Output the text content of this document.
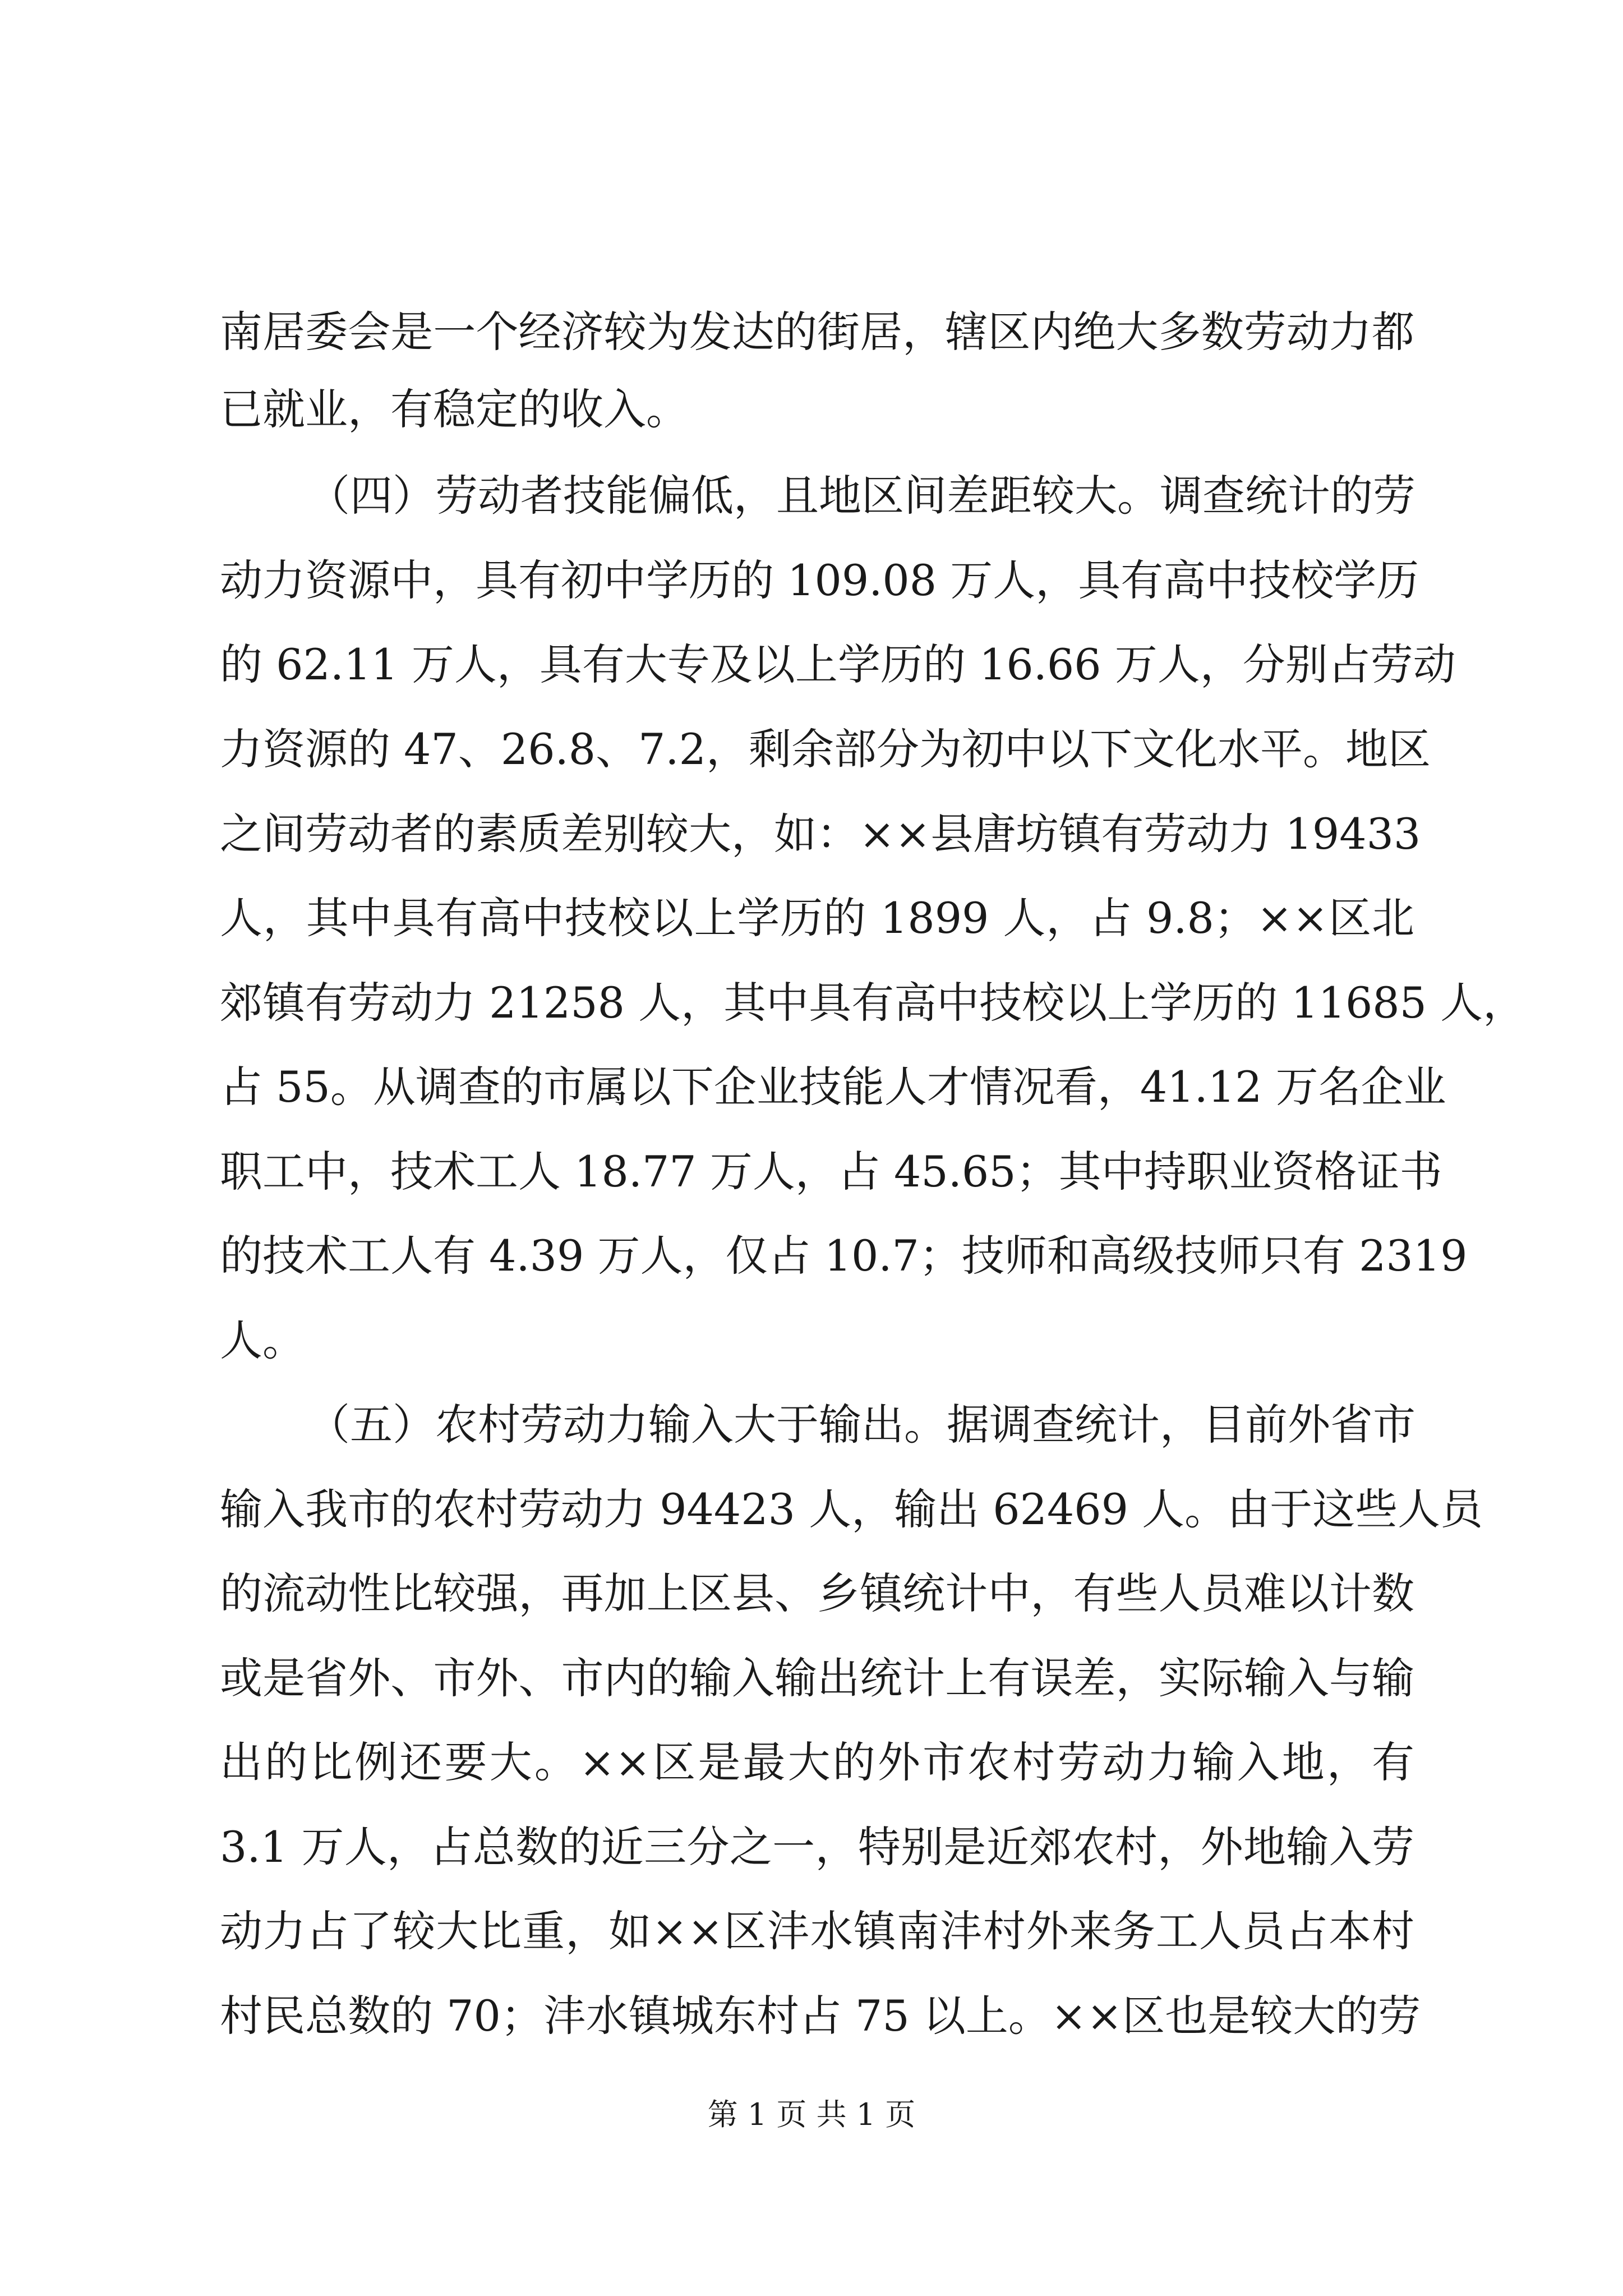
南居委会是一个经济较为发达的街居，辖区内绝大多数劳动力都
已就业，有稳定的收入。
（四）劳动者技能偏低，且地区间差距较大。调查统计的劳
动力资源中，具有初中学历的 109.08 万人，具有高中技校学历
的 62.11 万人，具有大专及以上学历的 16.66 万人，分别占劳动
力资源的 47、26.8、7.2，剩余部分为初中以下文化水平。地区
之间劳动者的素质差别较大，如：××县唐坊镇有劳动力 19433
人，其中具有高中技校以上学历的 1899 人，占 9.8；××区北
郊镇有劳动力 21258 人，其中具有高中技校以上学历的 11685 人，
占 55。从调查的市属以下企业技能人才情况看，41.12 万名企业
职工中，技术工人 18.77 万人，占 45.65；其中持职业资格证书
的技术工人有 4.39 万人，仅占 10.7；技师和高级技师只有 2319
人。
（五）农村劳动力输入大于输出。据调查统计，目前外省市
输入我市的农村劳动力 94423 人，输出 62469 人。由于这些人员
的流动性比较强，再加上区县、乡镇统计中，有些人员难以计数
或是省外、市外、市内的输入输出统计上有误差，实际输入与输
出的比例还要大。××区是最大的外市农村劳动力输入地，有
3.1 万人，占总数的近三分之一，特别是近郊农村，外地输入劳
动力占了较大比重，如××区沣水镇南沣村外来务工人员占本村
村民总数的 70；沣水镇城东村占 75 以上。××区也是较大的劳
第 1 页 共 1 页
